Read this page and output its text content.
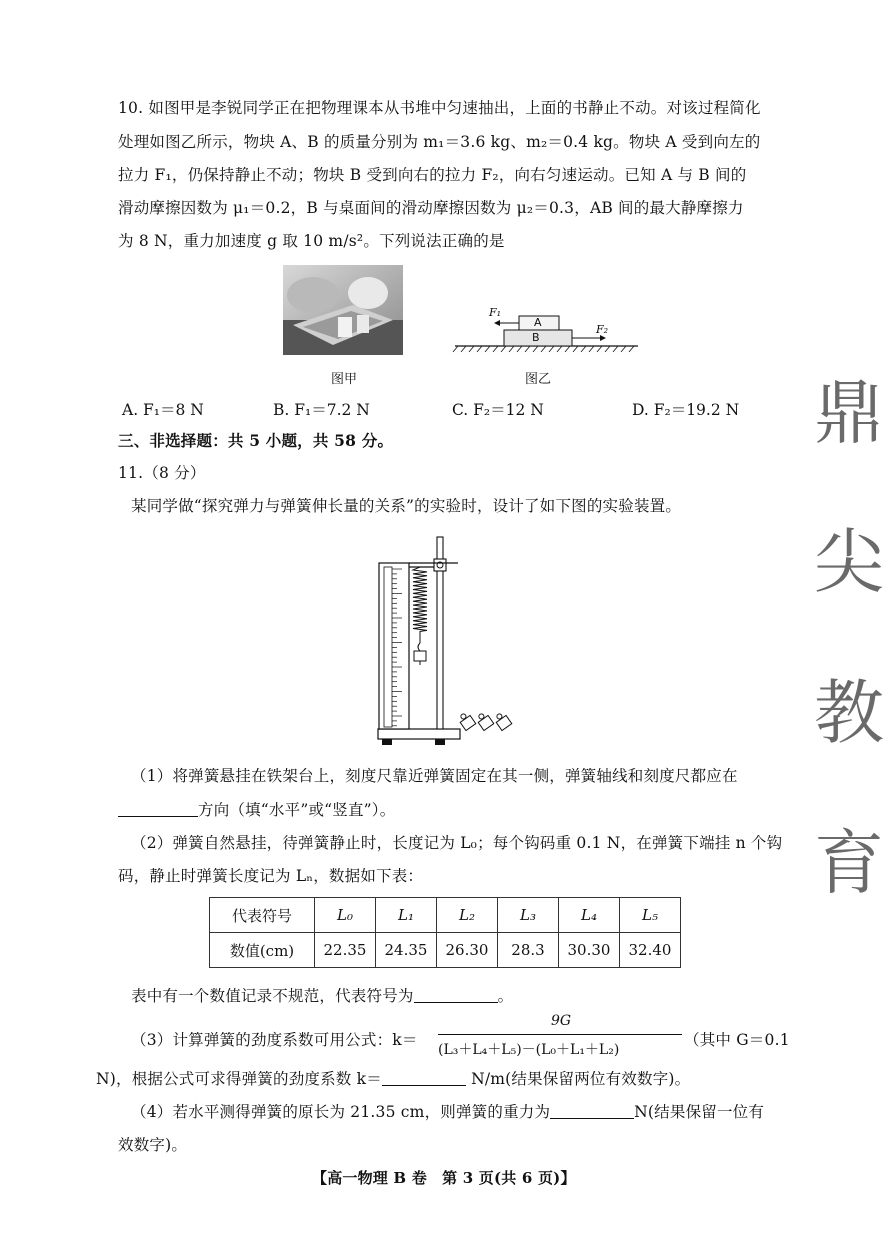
10. 如图甲是李锐同学正在把物理课本从书堆中匀速抽出，上面的书静止不动。对该过程简化
处理如图乙所示，物块 A、B 的质量分别为 m₁＝3.6 kg、m₂＝0.4 kg。物块 A 受到向左的
拉力 F₁，仍保持静止不动；物块 B 受到向右的拉力 F₂，向右匀速运动。已知 A 与 B 间的
滑动摩擦因数为 μ₁＝0.2，B 与桌面间的滑动摩擦因数为 μ₂＝0.3，AB 间的最大静摩擦力
为 8 N，重力加速度 g 取 10 m/s²。下列说法正确的是
图甲
A
B
F₁
F₂
图乙
A. F₁＝8 N	B. F₁＝7.2 N	C. F₂＝12 N	D. F₂＝19.2 N
三、非选择题：共 5 小题，共 58 分。
11.（8 分）
某同学做“探究弹力与弹簧伸长量的关系”的实验时，设计了如下图的实验装置。
（1）将弹簧悬挂在铁架台上，刻度尺靠近弹簧固定在其一侧，弹簧轴线和刻度尺都应在
方向（填“水平”或“竖直”）。
（2）弹簧自然悬挂，待弹簧静止时，长度记为 L₀；每个钩码重 0.1 N，在弹簧下端挂 n 个钩
码，静止时弹簧长度记为 Lₙ，数据如下表：
代表符号	L₀	L₁	L₂	L₃	L₄	L₅
数值(cm)	22.35	24.35	26.30	28.3	30.30	32.40
表中有一个数值记录不规范，代表符号为	。
（3）计算弹簧的劲度系数可用公式：k＝
9G
(L₃＋L₄＋L₅)－(L₀＋L₁＋L₂)
（其中 G＝0.1
N)，根据公式可求得弹簧的劲度系数 k＝	N/m(结果保留两位有效数字)。
（4）若水平测得弹簧的原长为 21.35 cm，则弹簧的重力为	N(结果保留一位有
效数字)。
【高一物理 B 卷　第 3 页(共 6 页)】
鼎
尖
教
育
